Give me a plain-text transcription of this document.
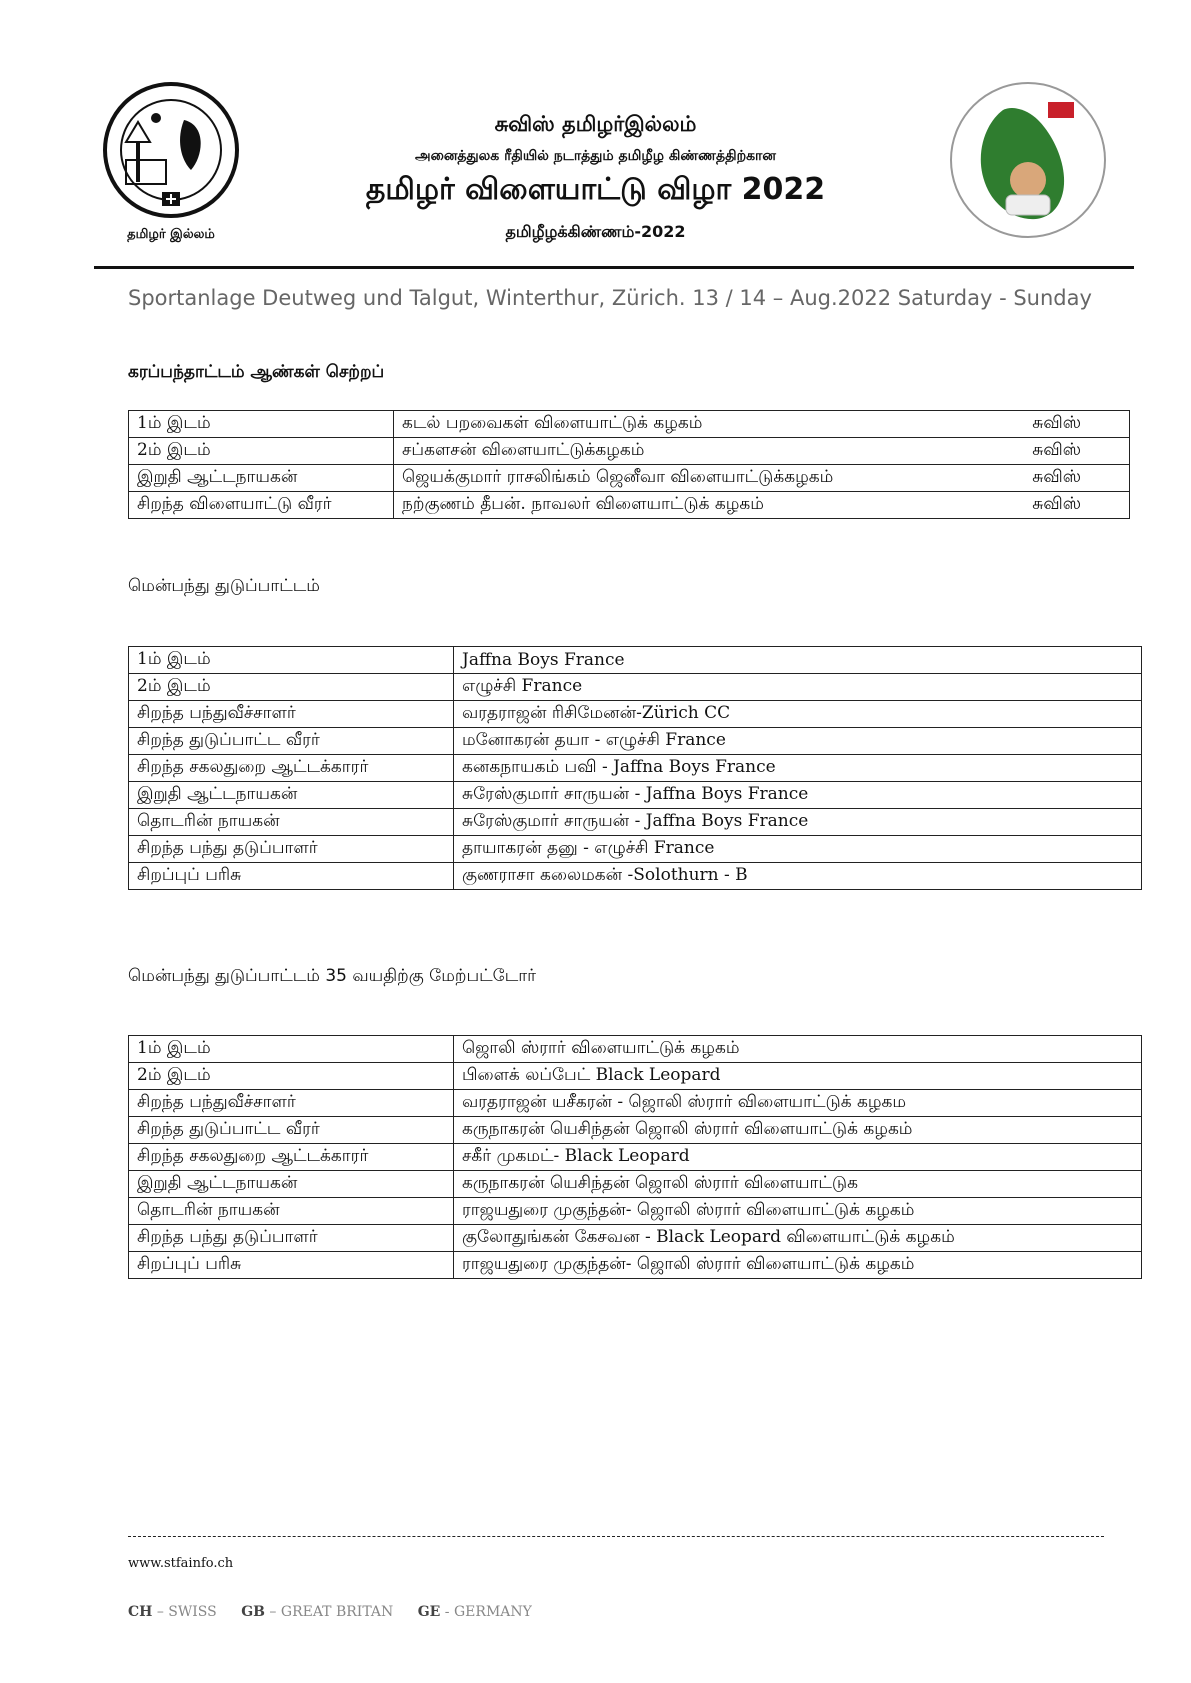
தமிழர் இல்லம்
சுவிஸ் தமிழர்இல்லம்
அனைத்துலக ரீதியில் நடாத்தும் தமிழீழ கிண்ணத்திற்கான
தமிழர் விளையாட்டு விழா 2022
தமிழீழக்கிண்ணம்-2022
Sportanlage Deutweg und Talgut, Winterthur, Zürich. 13 / 14 – Aug.2022 Saturday - Sunday
கரப்பந்தாட்டம் ஆண்கள் செற்றப்
1ம் இடம்	கடல் பறவைகள் விளையாட்டுக் கழகம் சுவிஸ்

2ம் இடம்	சப்களசன் விளையாட்டுக்கழகம் சுவிஸ்

இறுதி ஆட்டநாயகன்	ஜெயக்குமார் ராசலிங்கம் ஜெனீவா விளையாட்டுக்கழகம் சுவிஸ்

சிறந்த விளையாட்டு வீரர்	நற்குணம் தீபன். நாவலர் விளையாட்டுக் கழகம் சுவிஸ்
மென்பந்து துடுப்பாட்டம்
1ம் இடம்	Jaffna Boys France
2ம் இடம்	எழுச்சி France
சிறந்த பந்துவீச்சாளர்	வரதராஜன் ரிசிமேனன்-Zürich CC
சிறந்த துடுப்பாட்ட வீரர்	மனோகரன் தயா - எழுச்சி France
சிறந்த சகலதுறை ஆட்டக்காரர்	கனகநாயகம் பவி - Jaffna Boys France
இறுதி ஆட்டநாயகன்	சுரேஸ்குமார் சாருயன் - Jaffna Boys France
தொடரின் நாயகன்	சுரேஸ்குமார் சாருயன் - Jaffna Boys France
சிறந்த பந்து தடுப்பாளர்	தாயாகரன் தனு - எழுச்சி France
சிறப்புப் பரிசு	குணராசா கலைமகன் -Solothurn - B
மென்பந்து துடுப்பாட்டம் 35 வயதிற்கு மேற்பட்டோர்
1ம் இடம்	ஜொலி ஸ்ரார் விளையாட்டுக் கழகம்
2ம் இடம்	பிளைக் லப்பேட் Black Leopard
சிறந்த பந்துவீச்சாளர்	வரதராஜன் யசீகரன் - ஜொலி ஸ்ரார் விளையாட்டுக் கழகம
சிறந்த துடுப்பாட்ட வீரர்	கருநாகரன் யெசிந்தன் ஜொலி ஸ்ரார் விளையாட்டுக் கழகம்
சிறந்த சகலதுறை ஆட்டக்காரர்	சகீர் முகமட்- Black Leopard
இறுதி ஆட்டநாயகன்	கருநாகரன் யெசிந்தன் ஜொலி ஸ்ரார் விளையாட்டுக
தொடரின் நாயகன்	ராஜயதுரை முகுந்தன்- ஜொலி ஸ்ரார் விளையாட்டுக் கழகம்
சிறந்த பந்து தடுப்பாளர்	குலோதுங்கன் கேசவன - Black Leopard விளையாட்டுக் கழகம்
சிறப்புப் பரிசு	ராஜயதுரை முகுந்தன்- ஜொலி ஸ்ரார் விளையாட்டுக் கழகம்
www.stfainfo.ch
CH – SWISS GB – GREAT BRITAN GE - GERMANY
